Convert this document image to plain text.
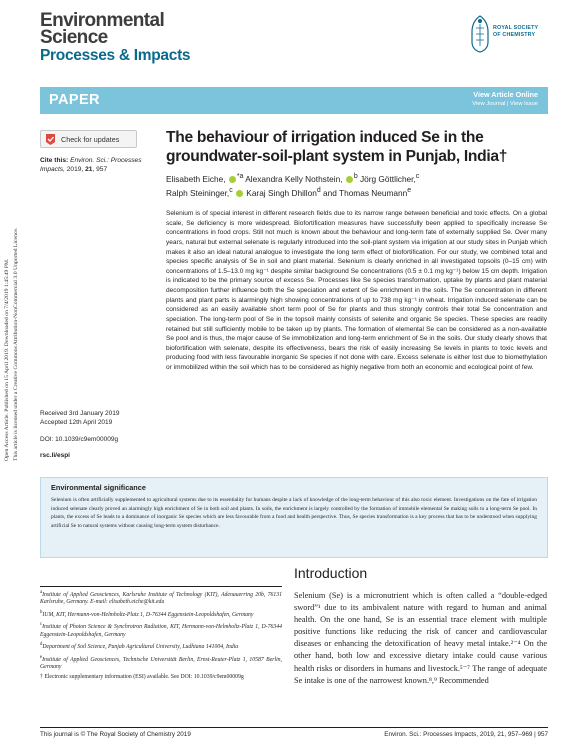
Environmental
Science
Processes & Impacts
ROYAL SOCIETY
OF CHEMISTRY
Open Access Article. Published on 15 April 2019. Downloaded on 7/4/2019 1:45:49 PM. This article is licensed under a Creative Commons Attribution-NonCommercial 3.0 Unported Licence.
PAPER	View Article Online
View Journal | View Issue
Check for updates
Cite this: Environ. Sci.: Processes Impacts, 2019, 21, 957
The behaviour of irrigation induced Se in the groundwater-soil-plant system in Punjab, India†
Elisabeth Eiche, $^{*a}$ Alexandra Kelly Nothstein, $^b$ Jörg Göttlicher,$^c$
Ralph Steininger,$^c$ Karaj Singh Dhillon$^d$ and Thomas Neumann$^e$
Selenium is of special interest in different research fields due to its narrow range between beneficial and toxic effects. On a global scale, Se deficiency is more widespread. Biofortification measures have successfully been applied to specifically increase Se concentrations in food crops. Still not much is known about the behaviour and long-term fate of externally supplied Se. Over many years, natural but external selenate is regularly introduced into the soil-plant system via irrigation at our study sites in Punjab which makes it also an ideal natural analogue to investigate the long term effect of biofortification. For our study, we combined total and species specific analysis of Se in soil and plant material. Selenium is clearly enriched in all investigated topsoils (0–15 cm) with concentrations of 1.5–13.0 mg kg⁻¹ despite similar background Se concentrations (0.5 ± 0.1 mg kg⁻¹) below 15 cm depth. Irrigation is indicated to be the primary source of excess Se. Processes like Se species transformation, uptake by plants and plant material decomposition further influence both the Se speciation and extent of Se enrichment in the soils. The Se concentration in different plants and plant parts is alarmingly high showing concentrations of up to 738 mg kg⁻¹ in wheat. Irrigation induced selenate can be considered as an easily available short term pool of Se for plants and thus strongly controls their total Se concentration and speciation. The long-term pool of Se in the topsoil mainly consists of selenite and organic Se species. These species are readily retained but still sufficiently mobile to be taken up by plants. The formation of elemental Se can be considered as a non-available Se pool and is thus, the major cause of Se immobilization and long-term enrichment of Se in the soils. Our study clearly shows that biofortification with selenate, despite its effectiveness, bears the risk of easily increasing Se levels in plants to toxic levels and producing food with less favourable inorganic Se species if not done with care. Excess selenate is either lost due to biomethylation or immobilized within the soil which has to be considered as highly negative from both an economic and ecological point of few.

Received 3rd January 2019

Accepted 12th April 2019

DOI: 10.1039/c9em00009g
rsc.li/espi
Environmental significance
Selenium is often artificially supplemented to agricultural systems due to its essentiality for humans despite a lack of knowledge of the long-term behaviour of this also toxic element. Investigations on the fate of irrigation induced selenate clearly proved an alarmingly high enrichment of Se in both soil and plants. In soils, the enrichment is largely controlled by the formation of immobile elemental Se making soils to a long-term Se pool. In plants, the excess of Se leads to a dominance of inorganic Se species which are less favourable from a food and health perspective. Thus, Se species transformation is a key process that has to be understood when supplying artificial Se to natural systems without causing long-term system disturbance.

$^a$Institute of Applied Geosciences, Karlsruhe Institute of Technology (KIT), Adenauerring 20b, 76131 Karlsruhe, Germany. E-mail: elisabeth.eiche@kit.edu

$^b$IUM, KIT, Hermann-von-Helmholtz-Platz 1, D-76344 Eggenstein-Leopoldshafen, Germany

$^c$Institute of Photon Science & Synchrotron Radiation, KIT, Hermann-von-Helmholtz-Platz 1, D-76344 Eggenstein-Leopoldshafen, Germany

$^d$Department of Soil Science, Punjab Agricultural University, Ludhiana 141004, India

$^e$Institute of Applied Geosciences, Technische Universität Berlin, Ernst-Reuter-Platz 1, 10587 Berlin, Germany

† Electronic supplementary information (ESI) available. See DOI: 10.1039/c9em00009g

Introduction
Selenium (Se) is a micronutrient which is often called a “double-edged sword”¹ due to its ambivalent nature with regard to human and animal health. On the one hand, Se is an essential trace element with multiple positive functions like reducing the risk of cancer and cardiovascular diseases or enhancing the detoxification of heavy metal intake.²⁻⁴ On the other hand, both low and excessive dietary intake could cause various health risks or disorders in humans and livestock.⁵⁻⁷ The range of adequate Se intake is one of the narrowest known.⁸,⁹ Recommended
This journal is © The Royal Society of Chemistry 2019	Environ. Sci.: Processes Impacts, 2019, 21, 957–969 | 957
